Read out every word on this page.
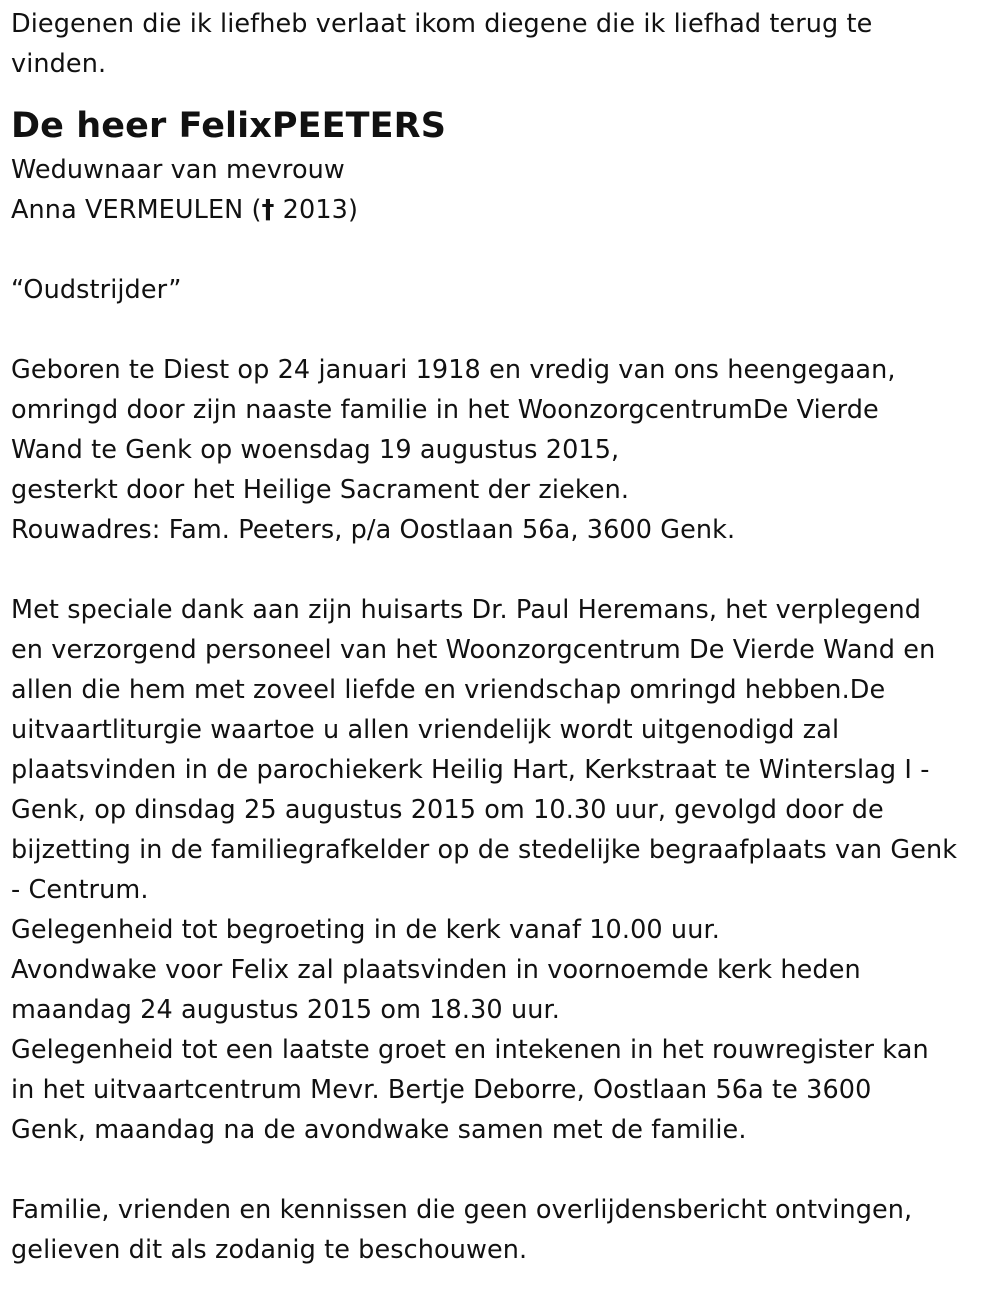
Diegenen die ik liefheb verlaat ikom diegene die ik liefhad terug te
vinden.
De heer FelixPEETERS
Weduwnaar van mevrouw
Anna VERMEULEN († 2013)
“Oudstrijder”
Geboren te Diest op 24 januari 1918 en vredig van ons heengegaan,
omringd door zijn naaste familie in het WoonzorgcentrumDe Vierde
Wand te Genk op woensdag 19 augustus 2015,
gesterkt door het Heilige Sacrament der zieken.
Rouwadres: Fam. Peeters, p/a Oostlaan 56a, 3600 Genk.
Met speciale dank aan zijn huisarts Dr. Paul Heremans, het verplegend
en verzorgend personeel van het Woonzorgcentrum De Vierde Wand en
allen die hem met zoveel liefde en vriendschap omringd hebben.De
uitvaartliturgie waartoe u allen vriendelijk wordt uitgenodigd zal
plaatsvinden in de parochiekerk Heilig Hart, Kerkstraat te Winterslag I -
Genk, op dinsdag 25 augustus 2015 om 10.30 uur, gevolgd door de
bijzetting in de familiegrafkelder op de stedelijke begraafplaats van Genk
- Centrum.
Gelegenheid tot begroeting in de kerk vanaf 10.00 uur.
Avondwake voor Felix zal plaatsvinden in voornoemde kerk heden
maandag 24 augustus 2015 om 18.30 uur.
Gelegenheid tot een laatste groet en intekenen in het rouwregister kan
in het uitvaartcentrum Mevr. Bertje Deborre, Oostlaan 56a te 3600
Genk, maandag na de avondwake samen met de familie.
Familie, vrienden en kennissen die geen overlijdensbericht ontvingen,
gelieven dit als zodanig te beschouwen.
